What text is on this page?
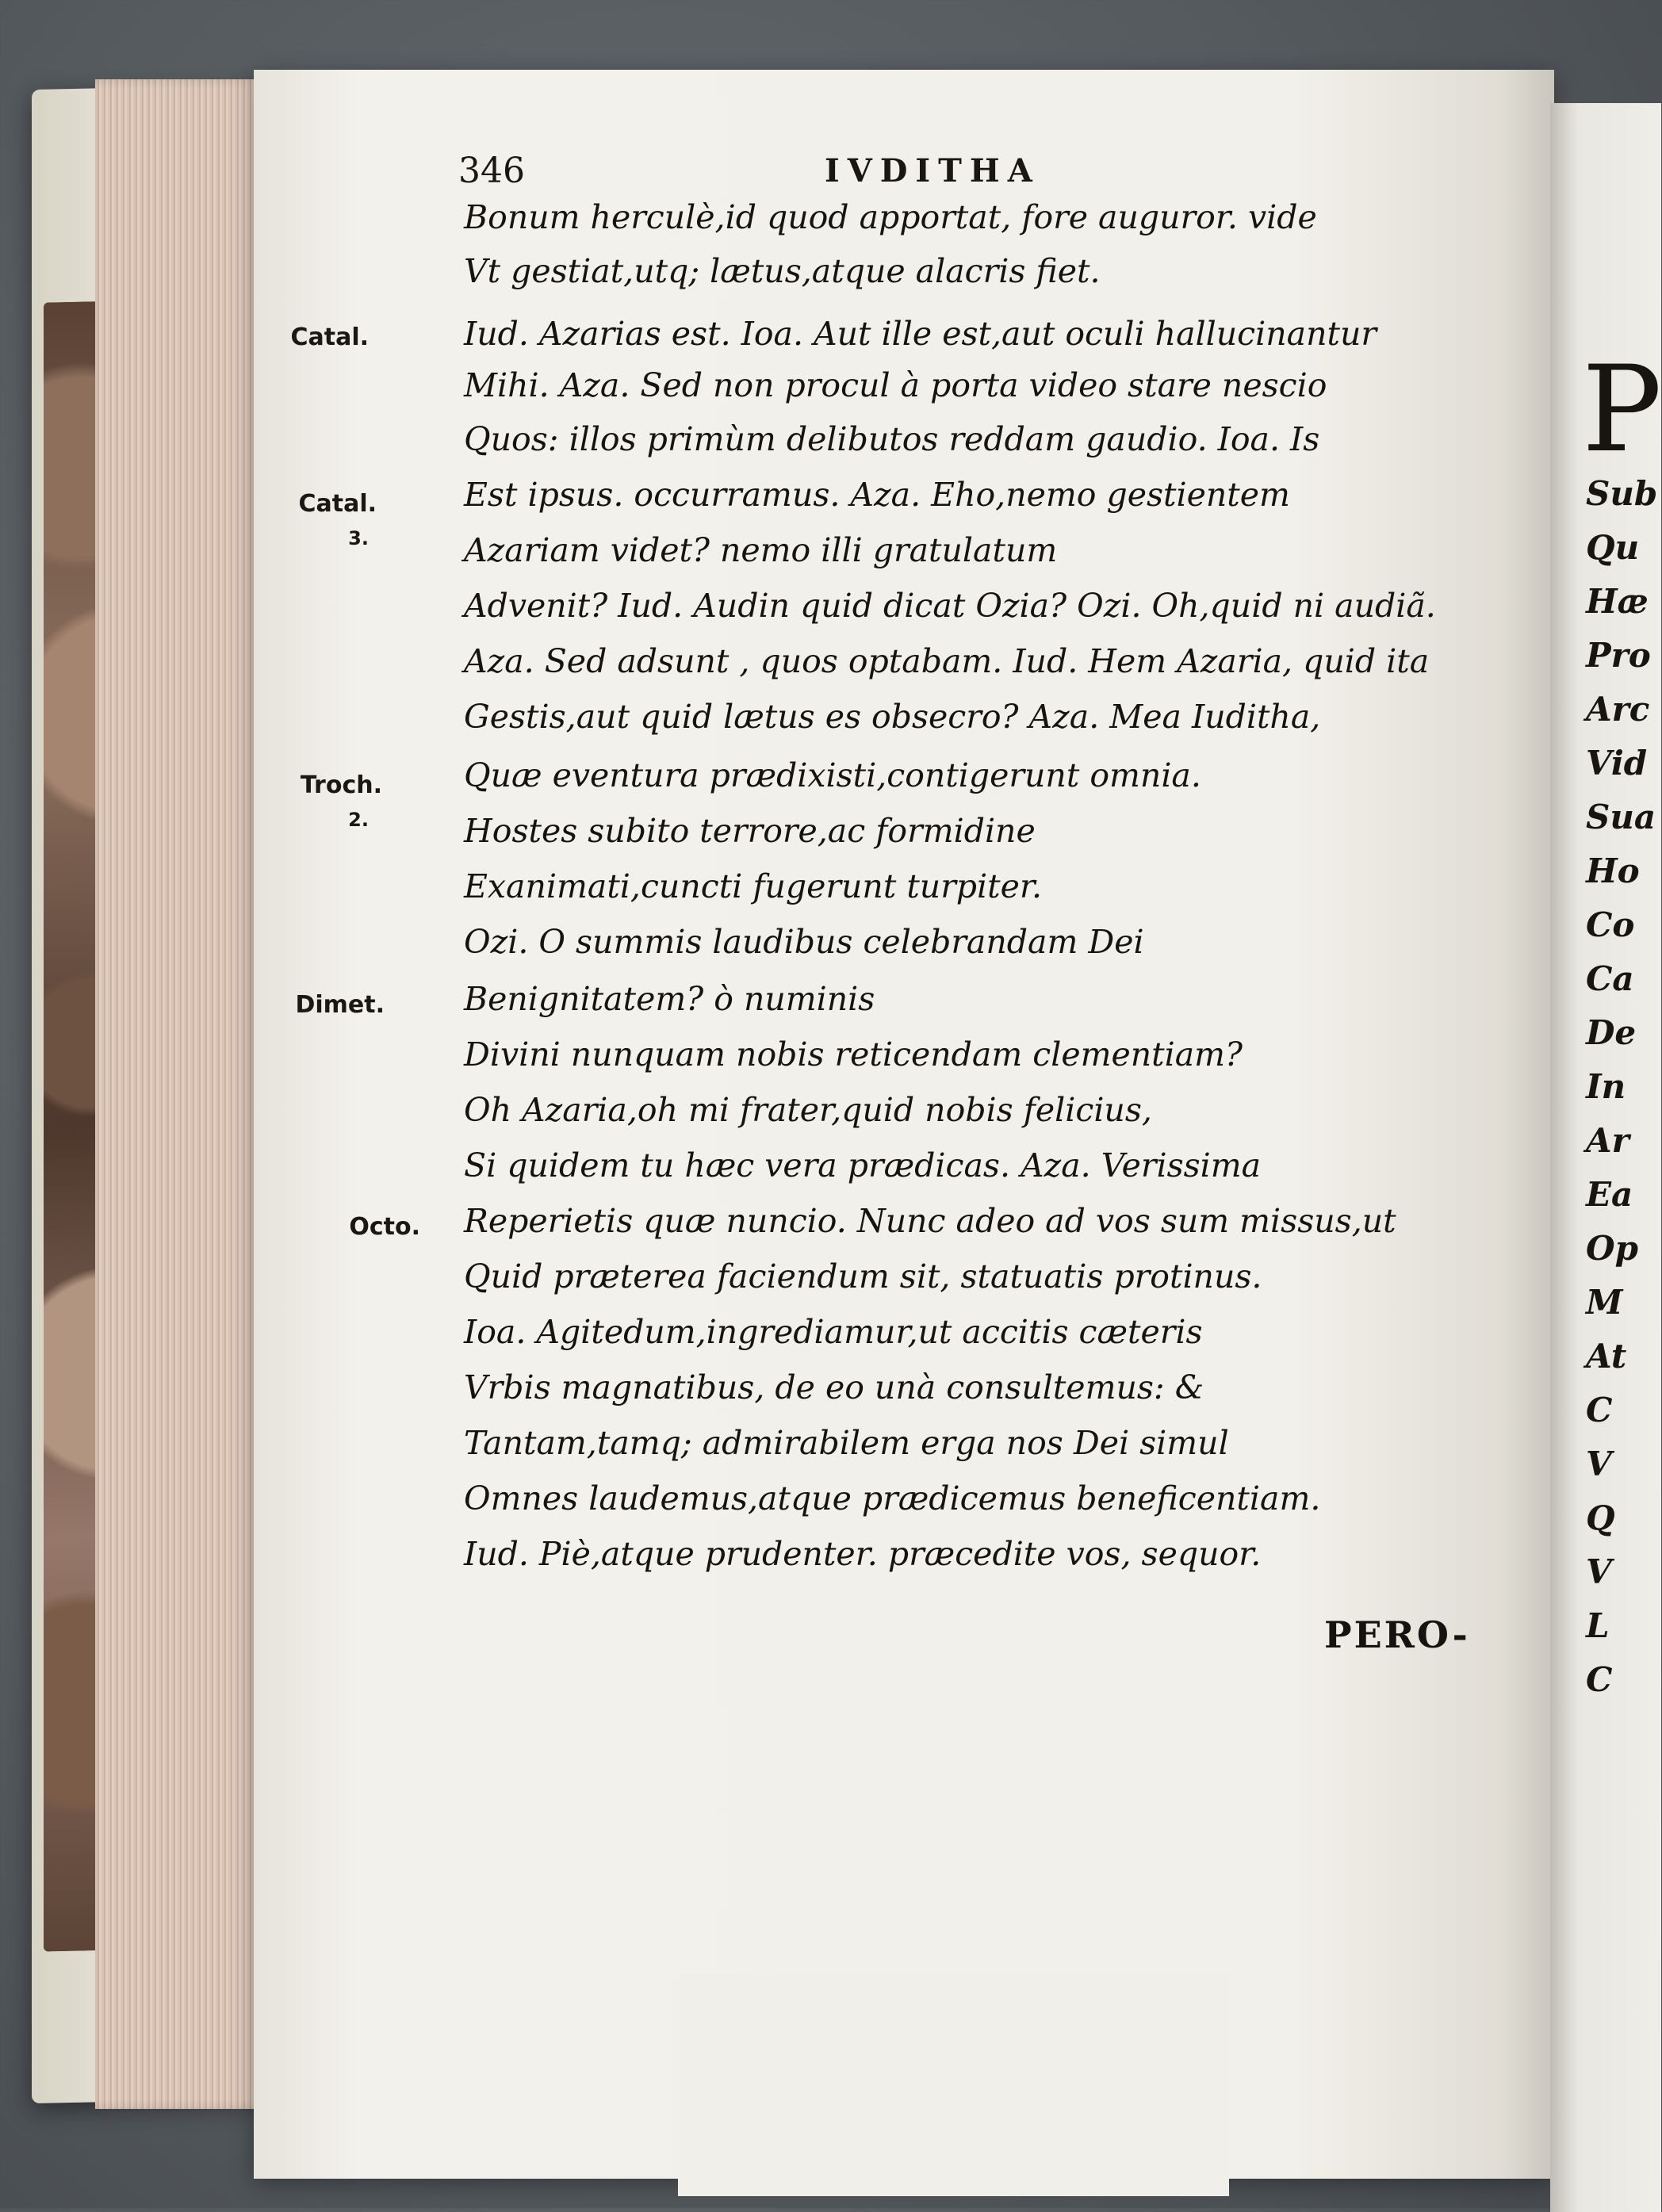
346	IVDITHA
Catal.
Catal.
3.
Troch.
2.
Dimet.
Octo.
Bonum herculè,id quod apportat, fore auguror. vide
Vt gestiat,utq; lætus,atque alacris fiet.
Iud. Azarias est. Ioa. Aut ille est,aut oculi hallucinantur
Mihi. Aza. Sed non procul à porta video stare nescio
Quos: illos primùm delibutos reddam gaudio. Ioa. Is
Est ipsus. occurramus. Aza. Eho,nemo gestientem
Azariam videt? nemo illi gratulatum
Advenit? Iud. Audin quid dicat Ozia? Ozi. Oh,quid ni audiã.
Aza. Sed adsunt , quos optabam. Iud. Hem Azaria, quid ita
Gestis,aut quid lætus es obsecro? Aza. Mea Iuditha,
Quæ eventura prædixisti,contigerunt omnia.
Hostes subito terrore,ac formidine
Exanimati,cuncti fugerunt turpiter.
Ozi. O summis laudibus celebrandam Dei
Benignitatem? ò numinis
Divini nunquam nobis reticendam clementiam?
Oh Azaria,oh mi frater,quid nobis felicius,
Si quidem tu hæc vera prædicas. Aza. Verissima
Reperietis quæ nuncio. Nunc adeo ad vos sum missus,ut
Quid præterea faciendum sit, statuatis protinus.
Ioa. Agitedum,ingrediamur,ut accitis cæteris
Vrbis magnatibus, de eo unà consultemus: &
Tantam,tamq; admirabilem erga nos Dei simul
Omnes laudemus,atque prædicemus beneficentiam.
Iud. Piè,atque prudenter. præcedite vos, sequor.
PERO-
P
Sub
Qu
Hæ
Pro
Arc
Vid
Sua
Ho
Co
Ca
De
In
Ar
Ea
Op
M
At
C
V
Q
V
L
C
